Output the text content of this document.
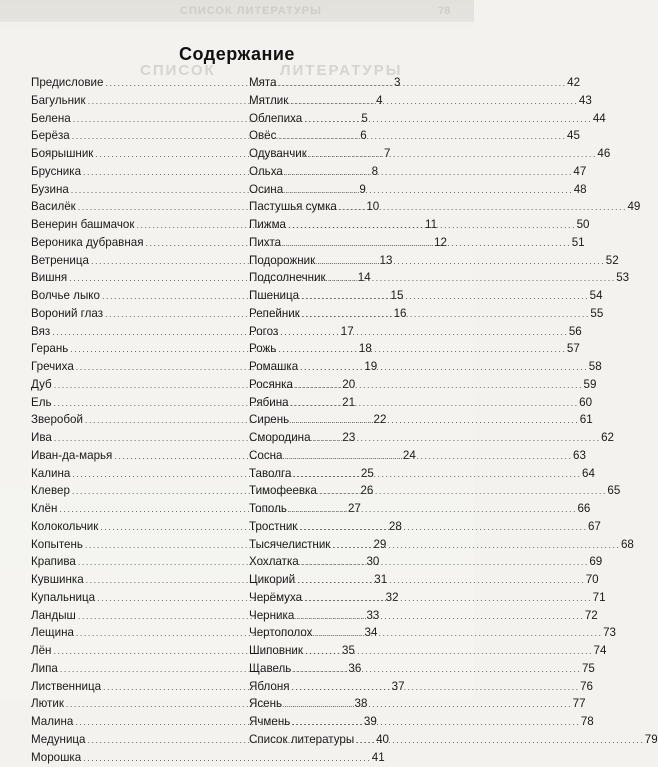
СПИСОК ЛИТЕРАТУРЫ	78
СПИСОК	ЛИТЕРАТУРЫ
Содержание
Предисловие . . .	3
Багульник . . .	4
Белена . . .	5
Берёза . . .	6
Боярышник . . .	7
Брусника . . .	8
Бузина . . .	9
Василёк . . .	10
Венерин башмачок . . .	11
Вероника дубравная . . .	12
Ветреница . . .	13
Вишня . . .	14
Волчье лыко . . .	15
Вороний глаз . . .	16
Вяз . . .	17
Герань . . .	18
Гречиха . . .	19
Дуб . . .	20
Ель . . .	21
Зверобой . . .	22
Ива . . .	23
Иван-да-марья . . .	24
Калина . . .	25
Клевер . . .	26
Клён . . .	27
Колокольчик . . .	28
Копытень . . .	29
Крапива . . .	30
Кувшинка . . .	31
Купальница . . .	32
Ландыш . . .	33
Лещина . . .	34
Лён . . .	35
Липа . . .	36
Лиственница . . .	37
Лютик . . .	38
Малина . . .	39
Медуница . . .	40
Морошка . . .	41
Мята . . .	42
Мятлик . . .	43
Облепиха . . .	44
Овёс . . .	45
Одуванчик . . .	46
Ольха . . .	47
Осина . . .	48
Пастушья сумка . . .	49
Пижма . . .	50
Пихта . . .	51
Подорожник . . .	52
Подсолнечник . . .	53
Пшеница . . .	54
Репейник . . .	55
Рогоз . . .	56
Рожь . . .	57
Ромашка . . .	58
Росянка . . .	59
Рябина . . .	60
Сирень . . .	61
Смородина . . .	62
Сосна . . .	63
Таволга . . .	64
Тимофеевка . . .	65
Тополь . . .	66
Тростник . . .	67
Тысячелистник . . .	68
Хохлатка . . .	69
Цикорий . . .	70
Черёмуха . . .	71
Черника . . .	72
Чертополох . . .	73
Шиповник . . .	74
Щавель . . .	75
Яблоня . . .	76
Ясень . . .	77
Ячмень . . .	78
Список литературы . . .	79
